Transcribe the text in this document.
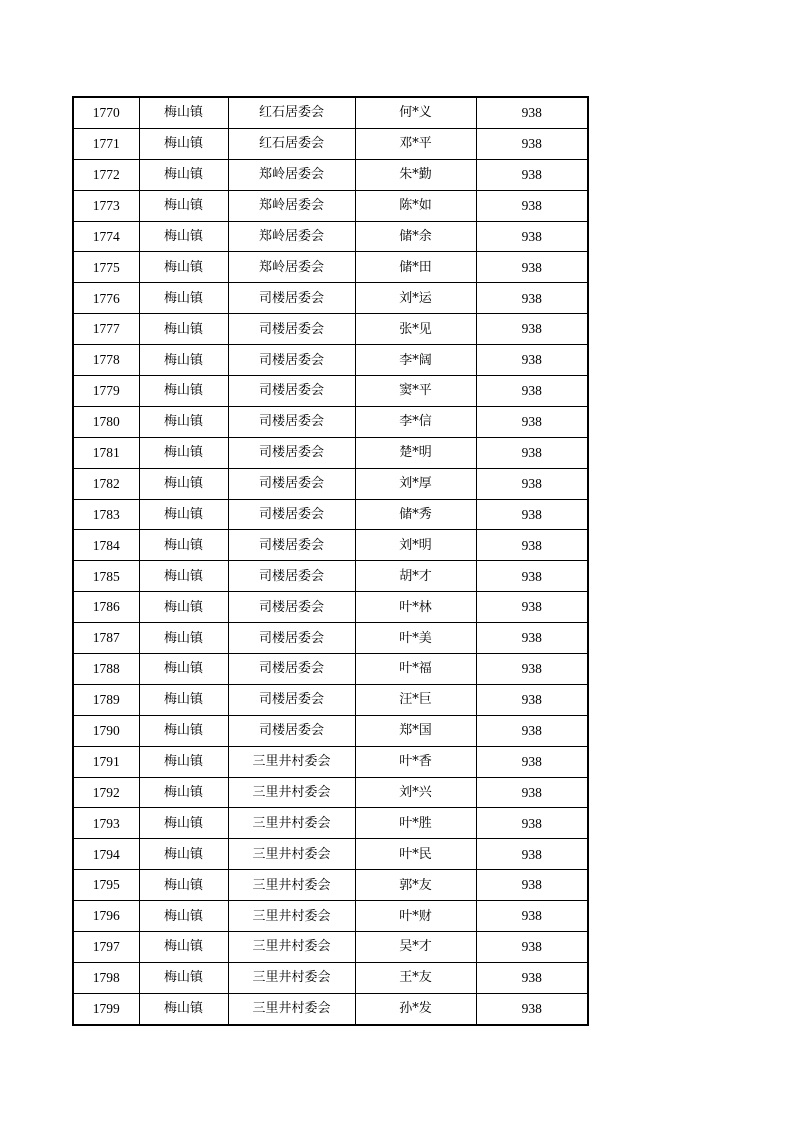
1770	梅山镇	红石居委会	何*义	938
1771	梅山镇	红石居委会	邓*平	938
1772	梅山镇	郑岭居委会	朱*勤	938
1773	梅山镇	郑岭居委会	陈*如	938
1774	梅山镇	郑岭居委会	储*余	938
1775	梅山镇	郑岭居委会	储*田	938
1776	梅山镇	司楼居委会	刘*运	938
1777	梅山镇	司楼居委会	张*见	938
1778	梅山镇	司楼居委会	李*阔	938
1779	梅山镇	司楼居委会	窦*平	938
1780	梅山镇	司楼居委会	李*信	938
1781	梅山镇	司楼居委会	楚*明	938
1782	梅山镇	司楼居委会	刘*厚	938
1783	梅山镇	司楼居委会	储*秀	938
1784	梅山镇	司楼居委会	刘*明	938
1785	梅山镇	司楼居委会	胡*才	938
1786	梅山镇	司楼居委会	叶*林	938
1787	梅山镇	司楼居委会	叶*美	938
1788	梅山镇	司楼居委会	叶*福	938
1789	梅山镇	司楼居委会	汪*巨	938
1790	梅山镇	司楼居委会	郑*国	938
1791	梅山镇	三里井村委会	叶*香	938
1792	梅山镇	三里井村委会	刘*兴	938
1793	梅山镇	三里井村委会	叶*胜	938
1794	梅山镇	三里井村委会	叶*民	938
1795	梅山镇	三里井村委会	郭*友	938
1796	梅山镇	三里井村委会	叶*财	938
1797	梅山镇	三里井村委会	吴*才	938
1798	梅山镇	三里井村委会	王*友	938
1799	梅山镇	三里井村委会	孙*发	938
